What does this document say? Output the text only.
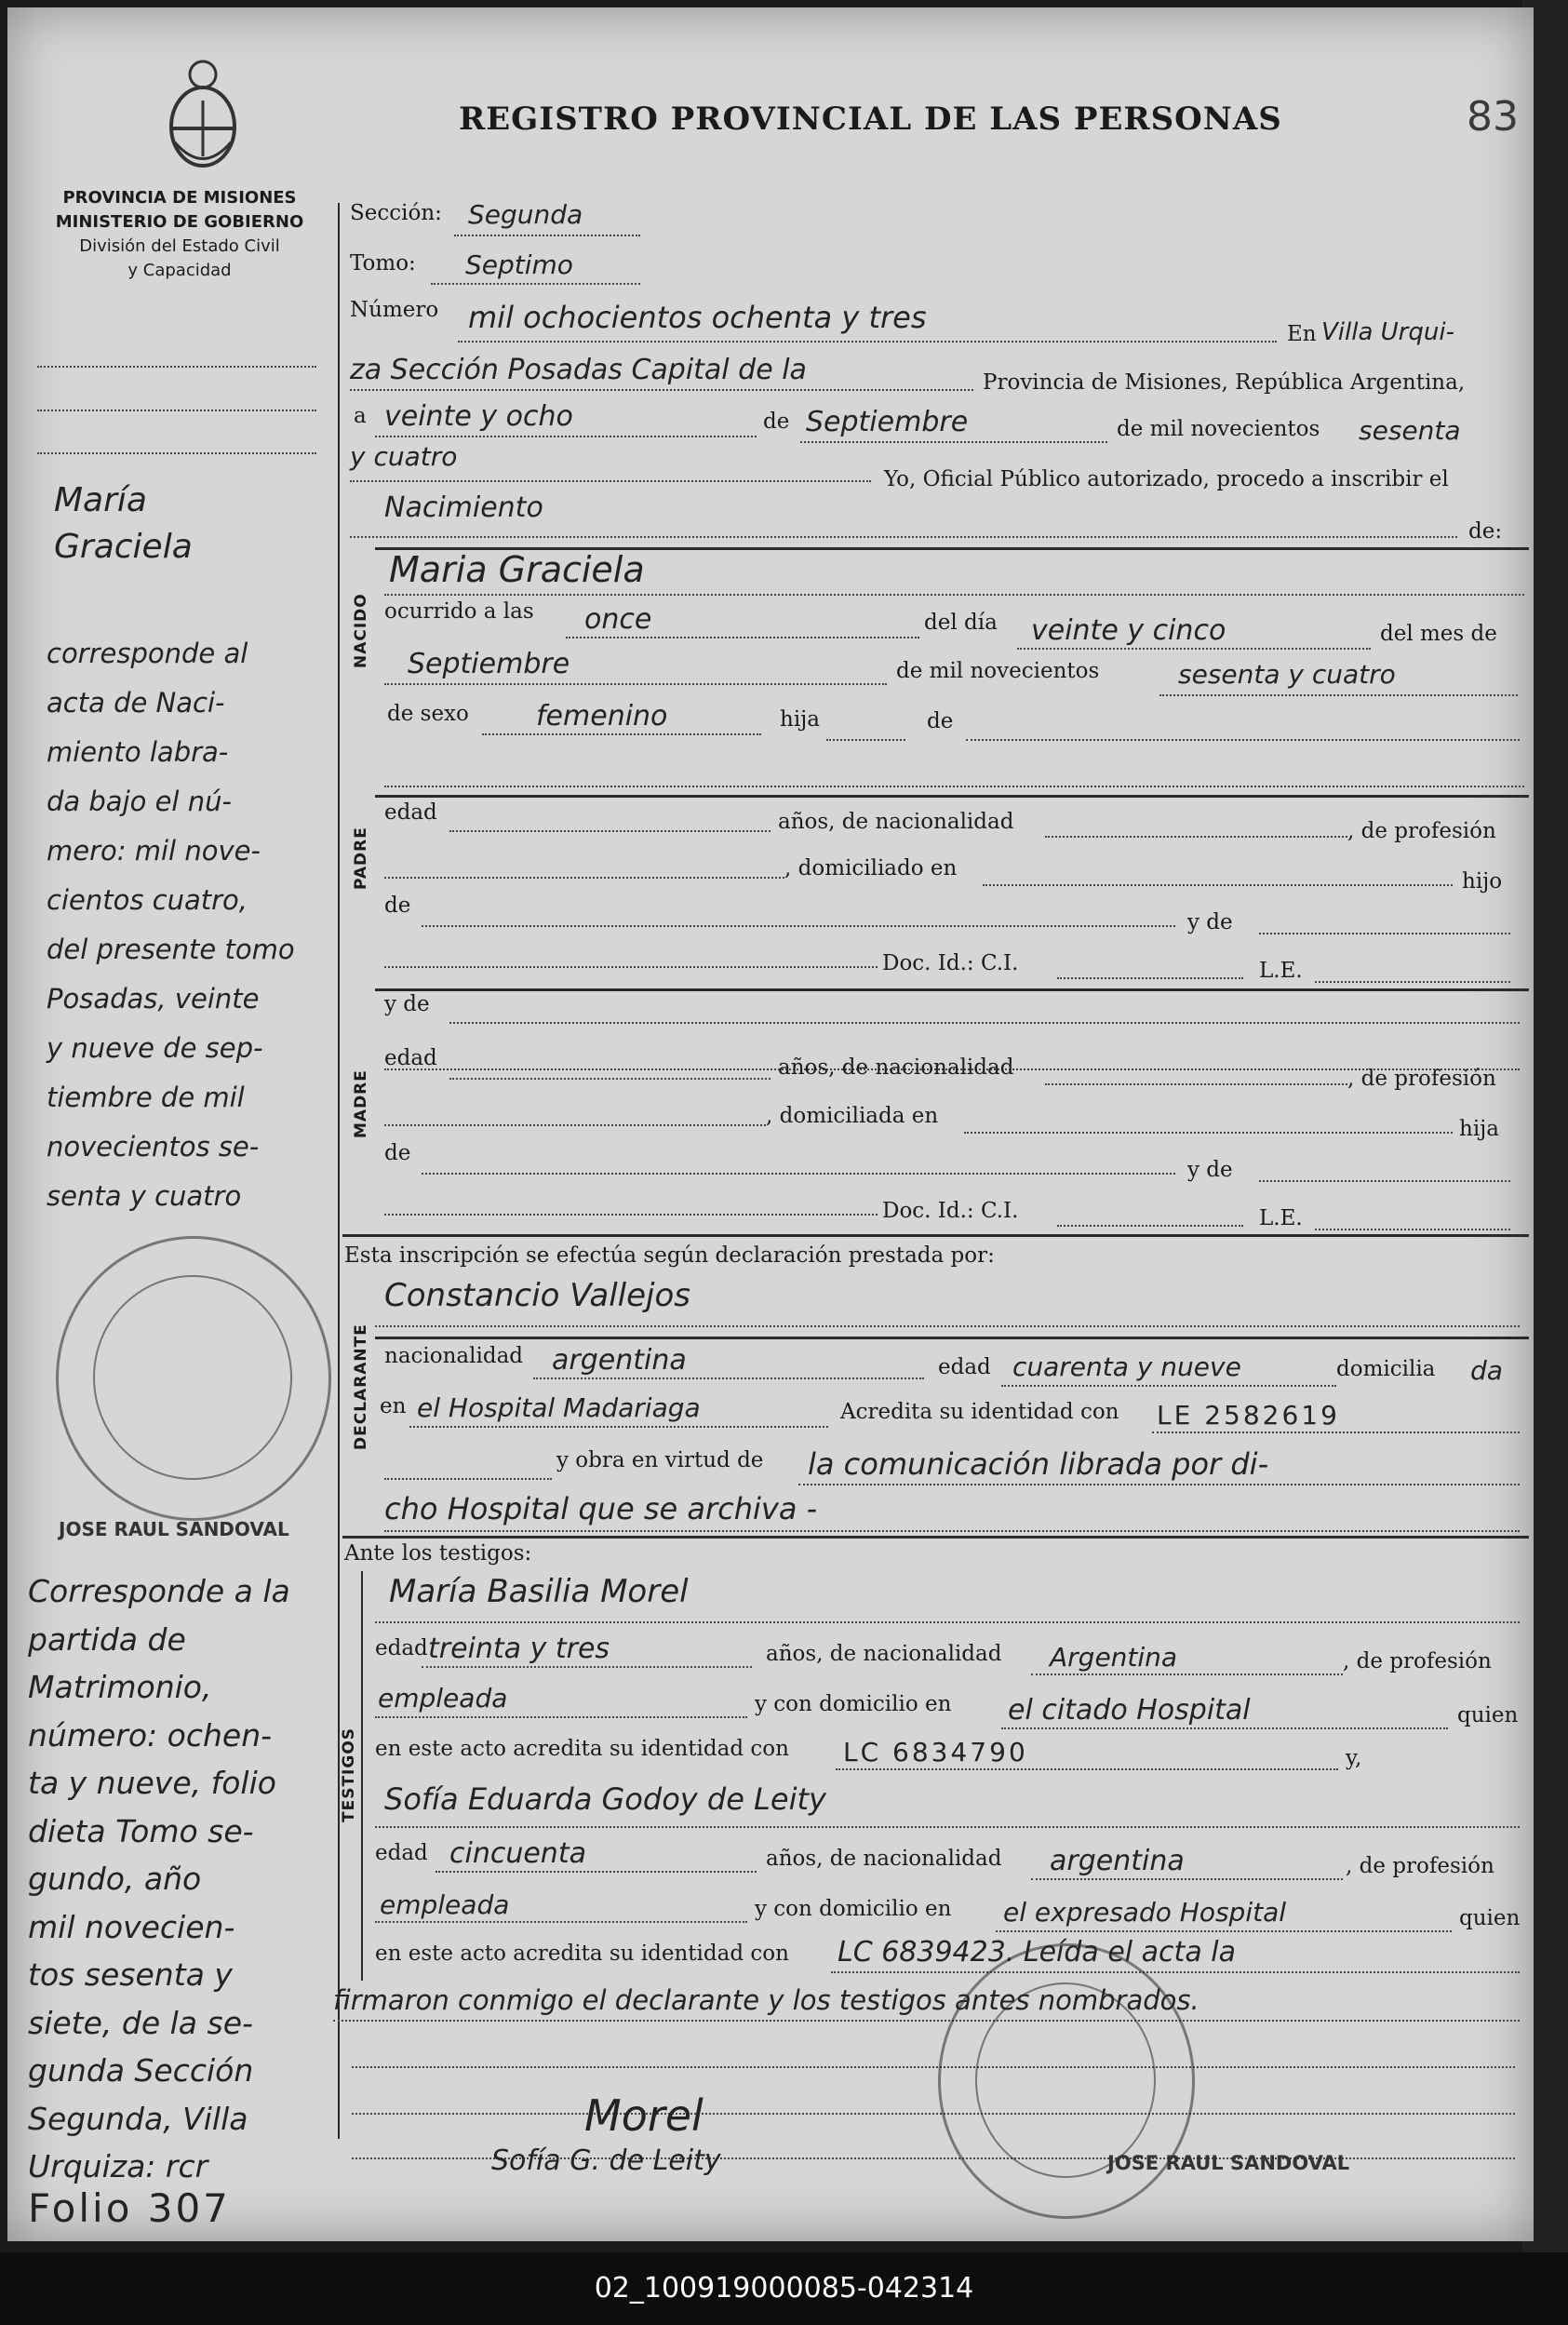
PROVINCIA DE MISIONES
MINISTERIO DE GOBIERNO
División del Estado Civil
y Capacidad
REGISTRO PROVINCIAL DE LAS PERSONAS	83
María
Graciela
corresponde al
acta de Naci-
miento labra-
da bajo el nú-
mero: mil nove-
cientos cuatro,
del presente tomo
Posadas, veinte
y nueve de sep-
tiembre de mil
novecientos se-
senta y cuatro
JOSE RAUL SANDOVAL
Corresponde a la
partida de
Matrimonio,
número: ochen-
ta y nueve, folio
dieta Tomo se-
gundo, año
mil novecien-
tos sesenta y
siete, de la se-
gunda Sección
Segunda, Villa
Urquiza: rcr
Folio 307
Sección: Segunda
Tomo: Septimo
Número mil ochocientos ochenta y tres	En Villa Urqui-
za Sección Posadas Capital de la	Provincia de Misiones, República Argentina,
a veinte y ocho	de Septiembre	de mil novecientos sesenta
y cuatro
Yo, Oficial Público autorizado, procedo a inscribir el
Nacimiento
de:
NACIDO
Maria Graciela
ocurrido a las once	del día veinte y cinco	del mes de
Septiembre	de mil novecientos	sesenta y cuatro
de sexo femenino	hija	de
PADRE
edad	años, de nacionalidad	, de profesión
, domiciliado en
hijo
de
y de
Doc. Id.: C.I.	L.E.
MADRE
y de
edad	años, de nacionalidad	, de profesión
, domiciliada en
hija
de
y de
Doc. Id.: C.I.	L.E.
Esta inscripción se efectúa según declaración prestada por:
Constancio Vallejos
DECLARANTE nacionalidad argentina	edad cuarenta y nueve	domicilia da
en el Hospital Madariaga	Acredita su identidad con LE 2582619
y obra en virtud de la comunicación librada por di-
cho Hospital que se archiva -
Ante los testigos:
TESTIGOS
María Basilia Morel
edad treinta y tres	años, de nacionalidad Argentina	, de profesión
empleada	y con domicilio en el citado Hospital	quien
en este acto acredita su identidad con LC 6834790	y,
Sofía Eduarda Godoy de Leity
edad cincuenta	años, de nacionalidad argentina	, de profesión
empleada	y con domicilio en el expresado Hospital	quien
en este acto acredita su identidad con LC 6839423. Leída el acta la
firmaron conmigo el declarante y los testigos antes nombrados.
Morel
Sofía G. de Leity	JOSE RAUL SANDOVAL
02_100919000085-042314
